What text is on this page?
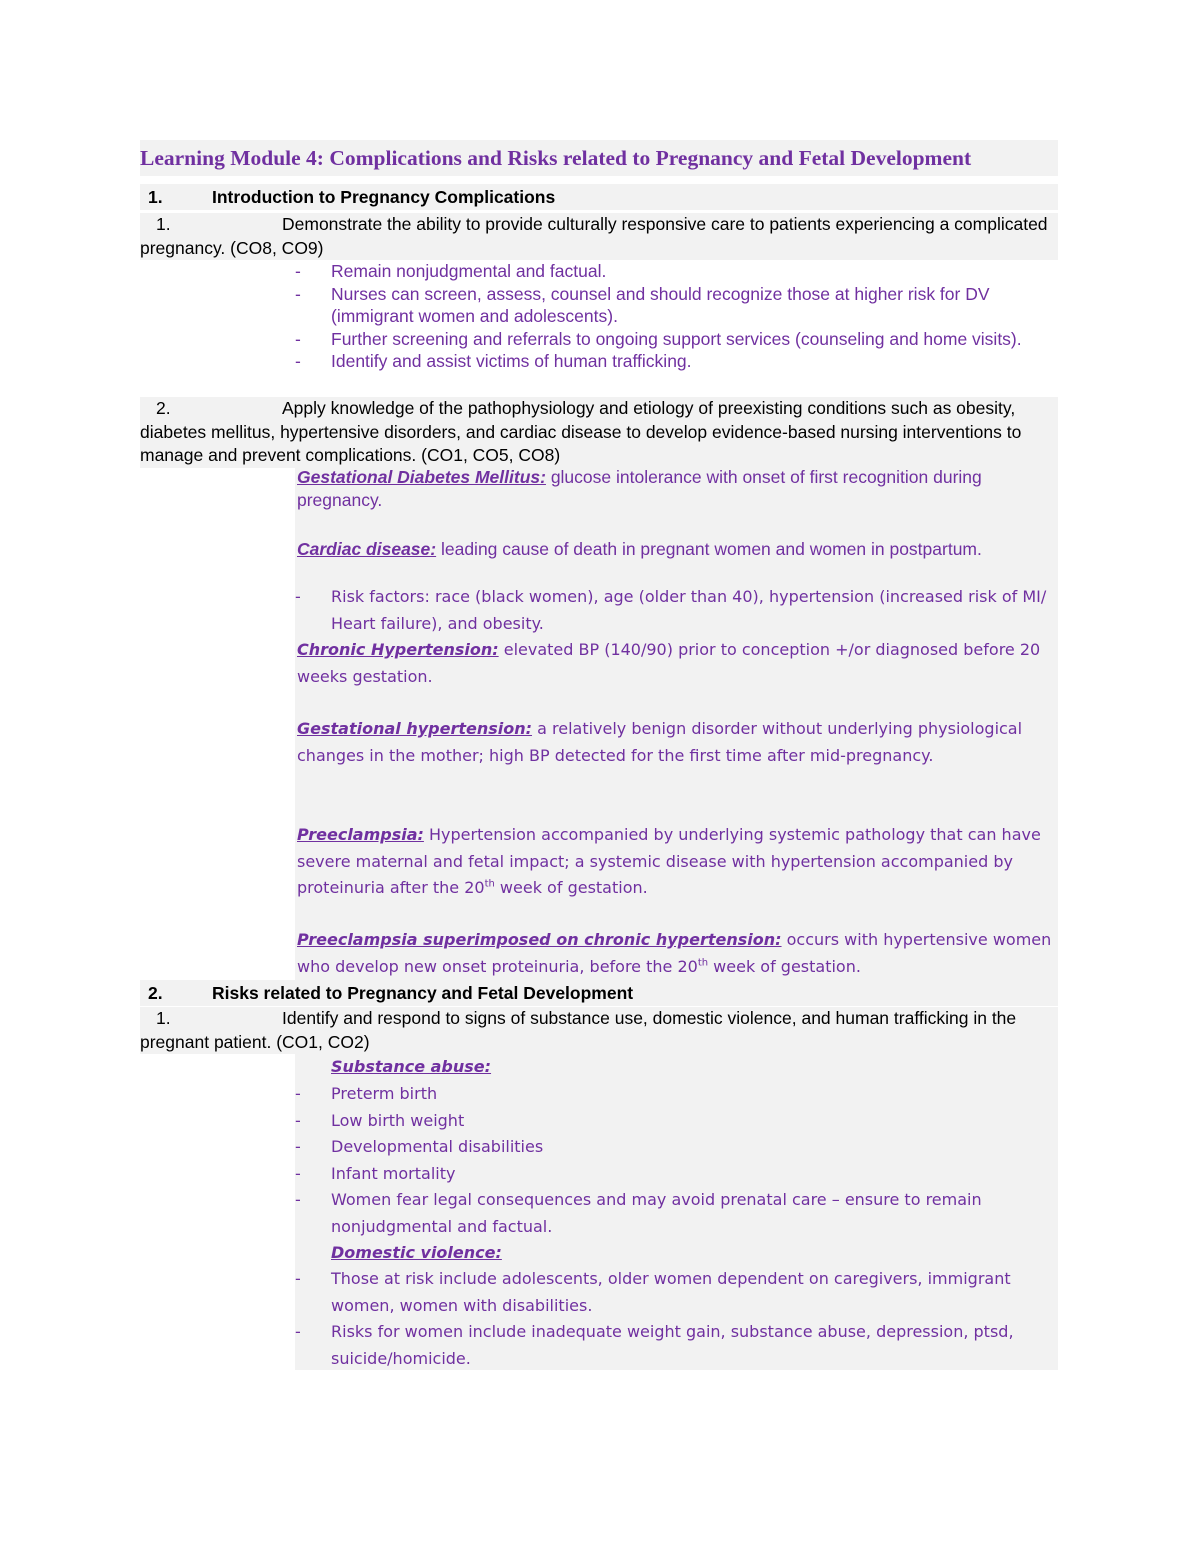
Learning Module 4: Complications and Risks related to Pregnancy and Fetal Development
1.	Introduction to Pregnancy Complications
1.	Demonstrate the ability to provide culturally responsive care to patients experiencing a complicated pregnancy. (CO8, CO9)
- Remain nonjudgmental and factual.
- Nurses can screen, assess, counsel and should recognize those at higher risk for DV (immigrant women and adolescents).
- Further screening and referrals to ongoing support services (counseling and home visits).
- Identify and assist victims of human trafficking.
2.	Apply knowledge of the pathophysiology and etiology of preexisting conditions such as obesity, diabetes mellitus, hypertensive disorders, and cardiac disease to develop evidence-based nursing interventions to manage and prevent complications. (CO1, CO5, CO8)
Gestational Diabetes Mellitus: glucose intolerance with onset of first recognition during pregnancy.
Cardiac disease: leading cause of death in pregnant women and women in postpartum.
- Risk factors: race (black women), age (older than 40), hypertension (increased risk of MI/ Heart failure), and obesity.
Chronic Hypertension: elevated BP (140/90) prior to conception +/or diagnosed before 20 weeks gestation.
Gestational hypertension: a relatively benign disorder without underlying physiological changes in the mother; high BP detected for the first time after mid-pregnancy.
Preeclampsia: Hypertension accompanied by underlying systemic pathology that can have severe maternal and fetal impact; a systemic disease with hypertension accompanied by proteinuria after the 20th week of gestation.
Preeclampsia superimposed on chronic hypertension: occurs with hypertensive women who develop new onset proteinuria, before the 20th week of gestation.
2.	Risks related to Pregnancy and Fetal Development
1.	Identify and respond to signs of substance use, domestic violence, and human trafficking in the pregnant patient. (CO1, CO2)
Substance abuse:
- Preterm birth
- Low birth weight
- Developmental disabilities
- Infant mortality
- Women fear legal consequences and may avoid prenatal care – ensure to remain nonjudgmental and factual.
Domestic violence:
- Those at risk include adolescents, older women dependent on caregivers, immigrant women, women with disabilities.
- Risks for women include inadequate weight gain, substance abuse, depression, ptsd, suicide/homicide.
